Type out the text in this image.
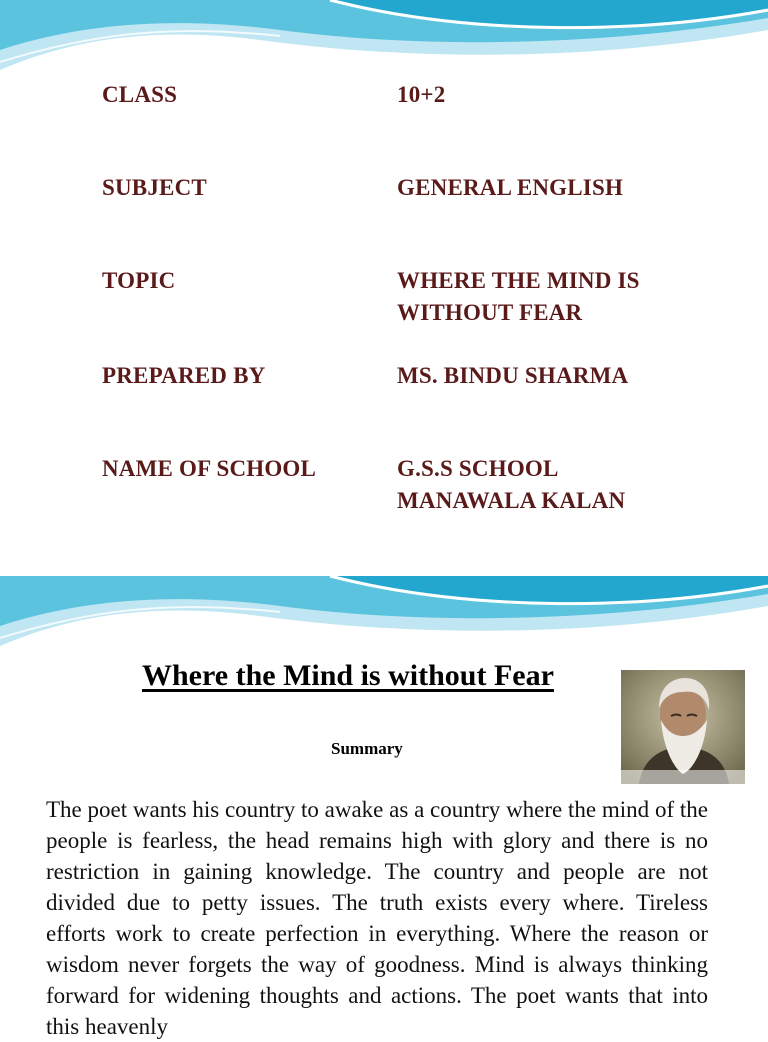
CLASS	10+2
SUBJECT	GENERAL ENGLISH
TOPIC	WHERE THE MIND IS
WITHOUT FEAR
PREPARED BY	MS. BINDU SHARMA
NAME OF SCHOOL	G.S.S SCHOOL
MANAWALA KALAN
Where the Mind is without Fear
Summary

The poet wants his country to awake as a country where the mind of the people is fearless, the head remains high with glory and there is no restriction in gaining knowledge. The country and people are not divided due to petty issues. The truth exists every where. Tireless efforts work to create perfection in everything. Where the reason or wisdom never forgets the way of goodness. Mind is always thinking forward for widening thoughts and actions. The poet wants that into this heavenly
